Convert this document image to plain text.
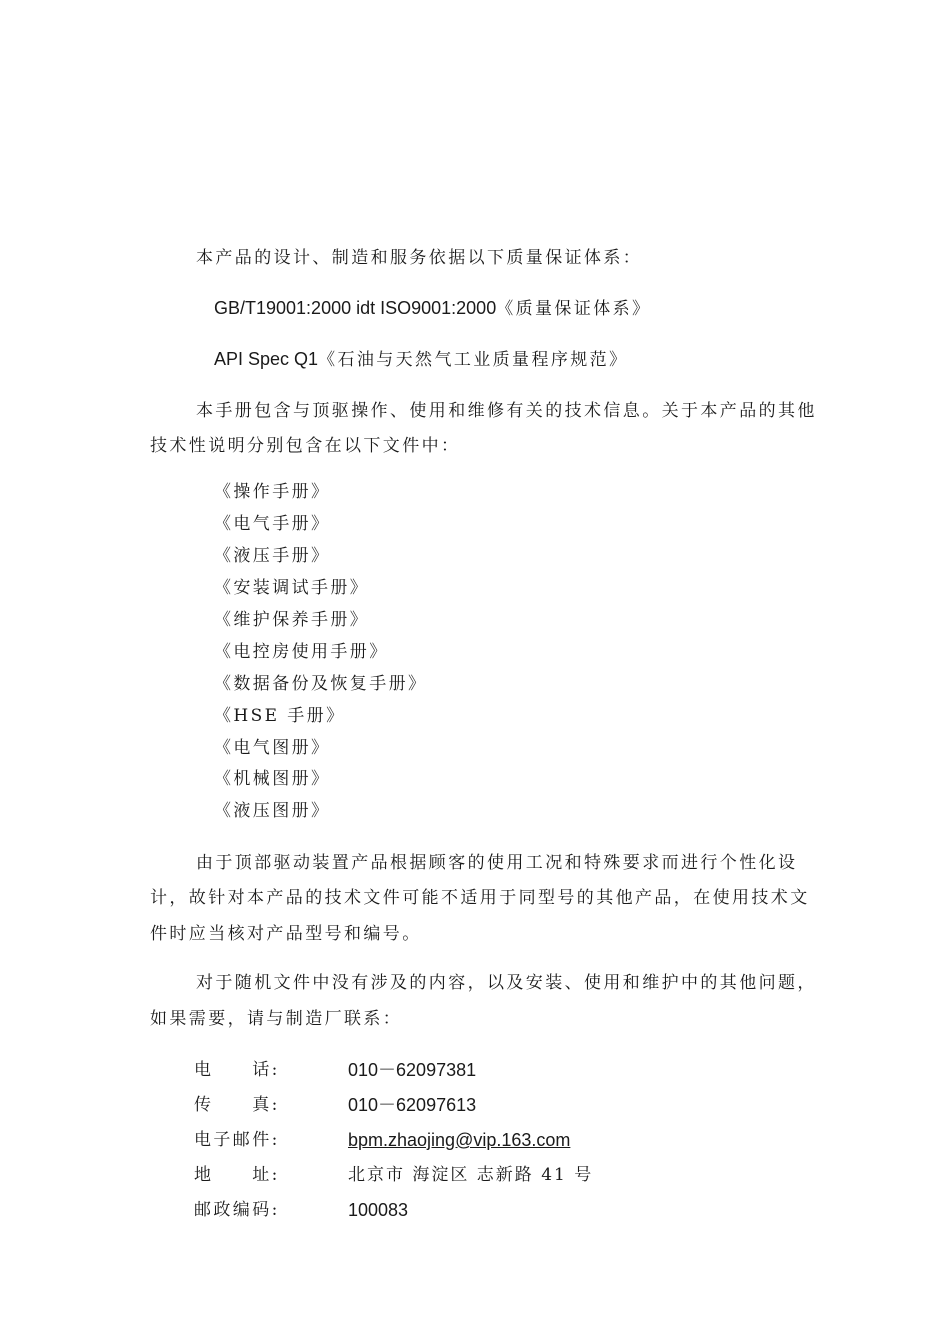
本产品的设计、制造和服务依据以下质量保证体系：
GB/T19001:2000 idt ISO9001:2000《质量保证体系》
API Spec Q1《石油与天然气工业质量程序规范》
本手册包含与顶驱操作、使用和维修有关的技术信息。关于本产品的其他
技术性说明分别包含在以下文件中：
《操作手册》
《电气手册》
《液压手册》
《安装调试手册》
《维护保养手册》
《电控房使用手册》
《数据备份及恢复手册》
《HSE 手册》
《电气图册》
《机械图册》
《液压图册》
由于顶部驱动装置产品根据顾客的使用工况和特殊要求而进行个性化设
计，故针对本产品的技术文件可能不适用于同型号的其他产品，在使用技术文
件时应当核对产品型号和编号。
对于随机文件中没有涉及的内容，以及安装、使用和维护中的其他问题，
如果需要，请与制造厂联系：
电　　话:	010－62097381
传　　真:	010－62097613
电子邮件:	bpm.zhaojing@vip.163.com
地　　址:	北京市 海淀区 志新路 41 号
邮政编码:	100083
